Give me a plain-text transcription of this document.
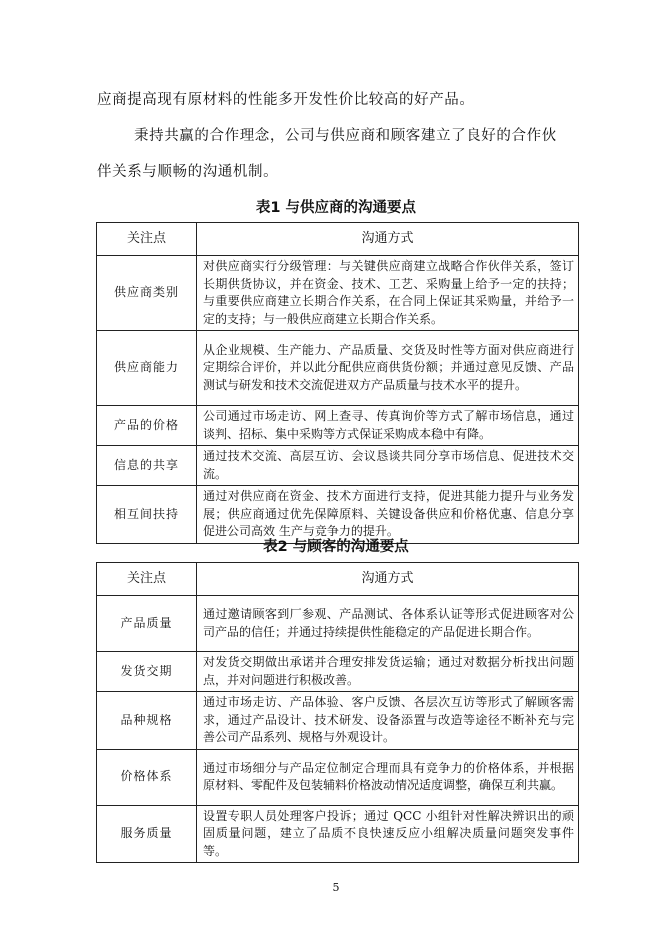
应商提高现有原材料的性能多开发性价比较高的好产品。
秉持共赢的合作理念，公司与供应商和顾客建立了良好的合作伙
伴关系与顺畅的沟通机制。
表1 与供应商的沟通要点
关注点	沟通方式
供应商类别	对供应商实行分级管理：与关键供应商建立战略合作伙伴关系，签订长期供货协议，并在资金、技术、工艺、采购量上给予一定的扶持；与重要供应商建立长期合作关系，在合同上保证其采购量，并给予一定的支持；与一般供应商建立长期合作关系。
供应商能力	从企业规模、生产能力、产品质量、交货及时性等方面对供应商进行定期综合评价，并以此分配供应商供货份额；并通过意见反馈、产品测试与研发和技术交流促进双方产品质量与技术水平的提升。
产品的价格	公司通过市场走访、网上查寻、传真询价等方式了解市场信息，通过谈判、招标、集中采购等方式保证采购成本稳中有降。
信息的共享	通过技术交流、高层互访、会议恳谈共同分享市场信息、促进技术交流。
相互间扶持	通过对供应商在资金、技术方面进行支持，促进其能力提升与业务发展；供应商通过优先保障原料、关键设备供应和价格优惠、信息分享促进公司高效 生产与竞争力的提升。
表2 与顾客的沟通要点
关注点	沟通方式
产品质量	通过邀请顾客到厂参观、产品测试、各体系认证等形式促进顾客对公司产品的信任；并通过持续提供性能稳定的产品促进长期合作。
发货交期	对发货交期做出承诺并合理安排发货运输；通过对数据分析找出问题点，并对问题进行积极改善。
品种规格	通过市场走访、产品体验、客户反馈、各层次互访等形式了解顾客需求，通过产品设计、技术研发、设备添置与改造等途径不断补充与完善公司产品系列、规格与外观设计。
价格体系	通过市场细分与产品定位制定合理而具有竞争力的价格体系，并根据原材料、零配件及包装辅料价格波动情况适度调整，确保互利共赢。
服务质量	设置专职人员处理客户投诉；通过 QCC 小组针对性解决辨识出的顽固质量问题，建立了品质不良快速反应小组解决质量问题突发事件等。
5
